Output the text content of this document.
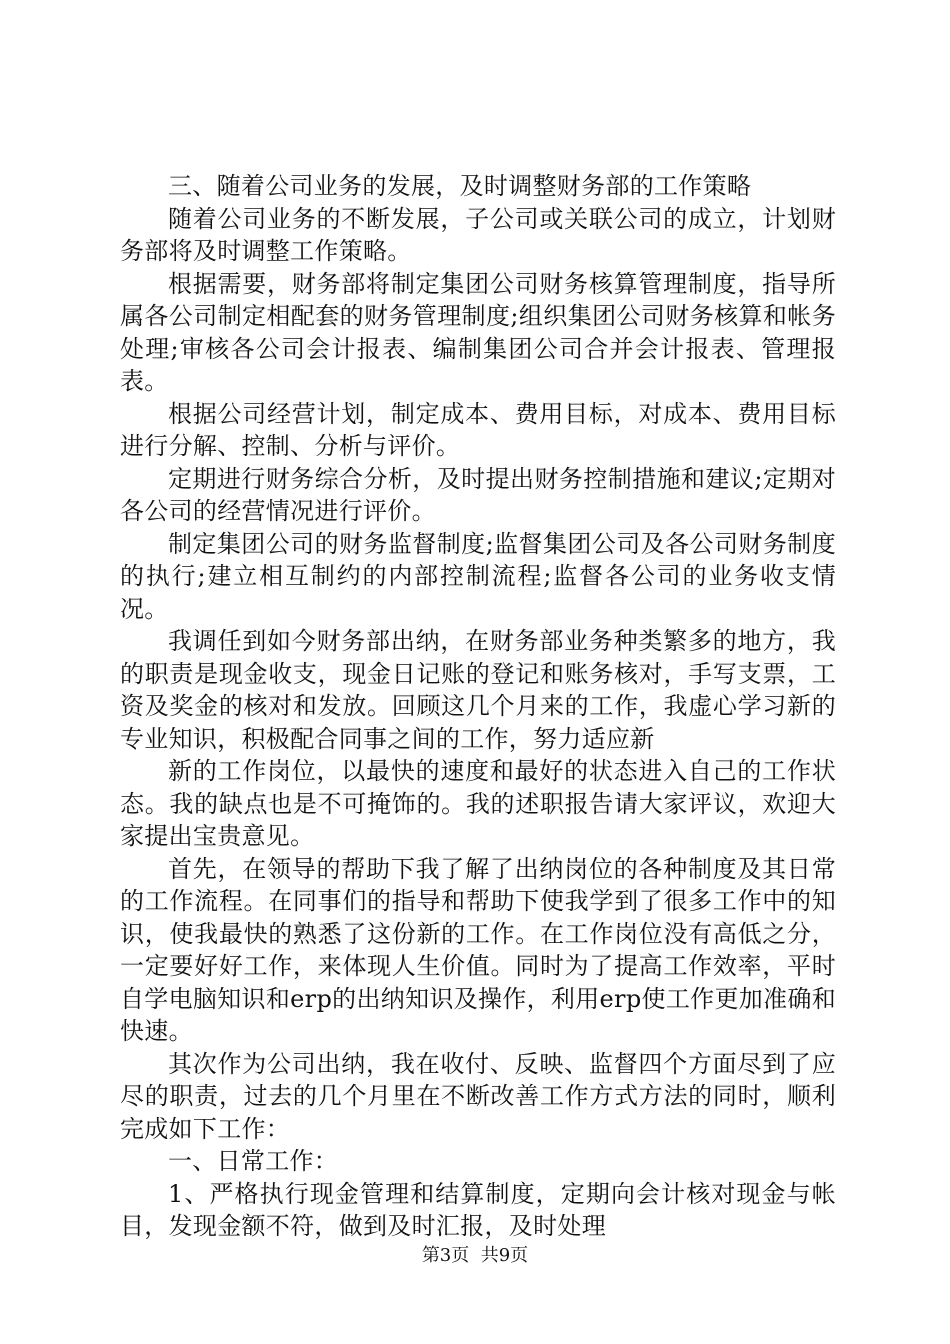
三、随着公司业务的发展，及时调整财务部的工作策略

随着公司业务的不断发展，子公司或关联公司的成立，计划财务部将及时调整工作策略。

根据需要，财务部将制定集团公司财务核算管理制度，指导所属各公司制定相配套的财务管理制度;组织集团公司财务核算和帐务处理;审核各公司会计报表、编制集团公司合并会计报表、管理报表。

根据公司经营计划，制定成本、费用目标，对成本、费用目标进行分解、控制、分析与评价。

定期进行财务综合分析，及时提出财务控制措施和建议;定期对各公司的经营情况进行评价。

制定集团公司的财务监督制度;监督集团公司及各公司财务制度的执行;建立相互制约的内部控制流程;监督各公司的业务收支情况。

我调任到如今财务部出纳，在财务部业务种类繁多的地方，我的职责是现金收支，现金日记账的登记和账务核对，手写支票，工资及奖金的核对和发放。回顾这几个月来的工作，我虚心学习新的专业知识，积极配合同事之间的工作，努力适应新

新的工作岗位，以最快的速度和最好的状态进入自己的工作状态。我的缺点也是不可掩饰的。我的述职报告请大家评议，欢迎大家提出宝贵意见。

首先，在领导的帮助下我了解了出纳岗位的各种制度及其日常的工作流程。在同事们的指导和帮助下使我学到了很多工作中的知识，使我最快的熟悉了这份新的工作。在工作岗位没有高低之分，一定要好好工作，来体现人生价值。同时为了提高工作效率，平时自学电脑知识和erp的出纳知识及操作，利用erp使工作更加准确和快速。

其次作为公司出纳，我在收付、反映、监督四个方面尽到了应尽的职责，过去的几个月里在不断改善工作方式方法的同时，顺利完成如下工作：

一、日常工作：

1、严格执行现金管理和结算制度，定期向会计核对现金与帐目，发现金额不符，做到及时汇报，及时处理

第3页  共9页
